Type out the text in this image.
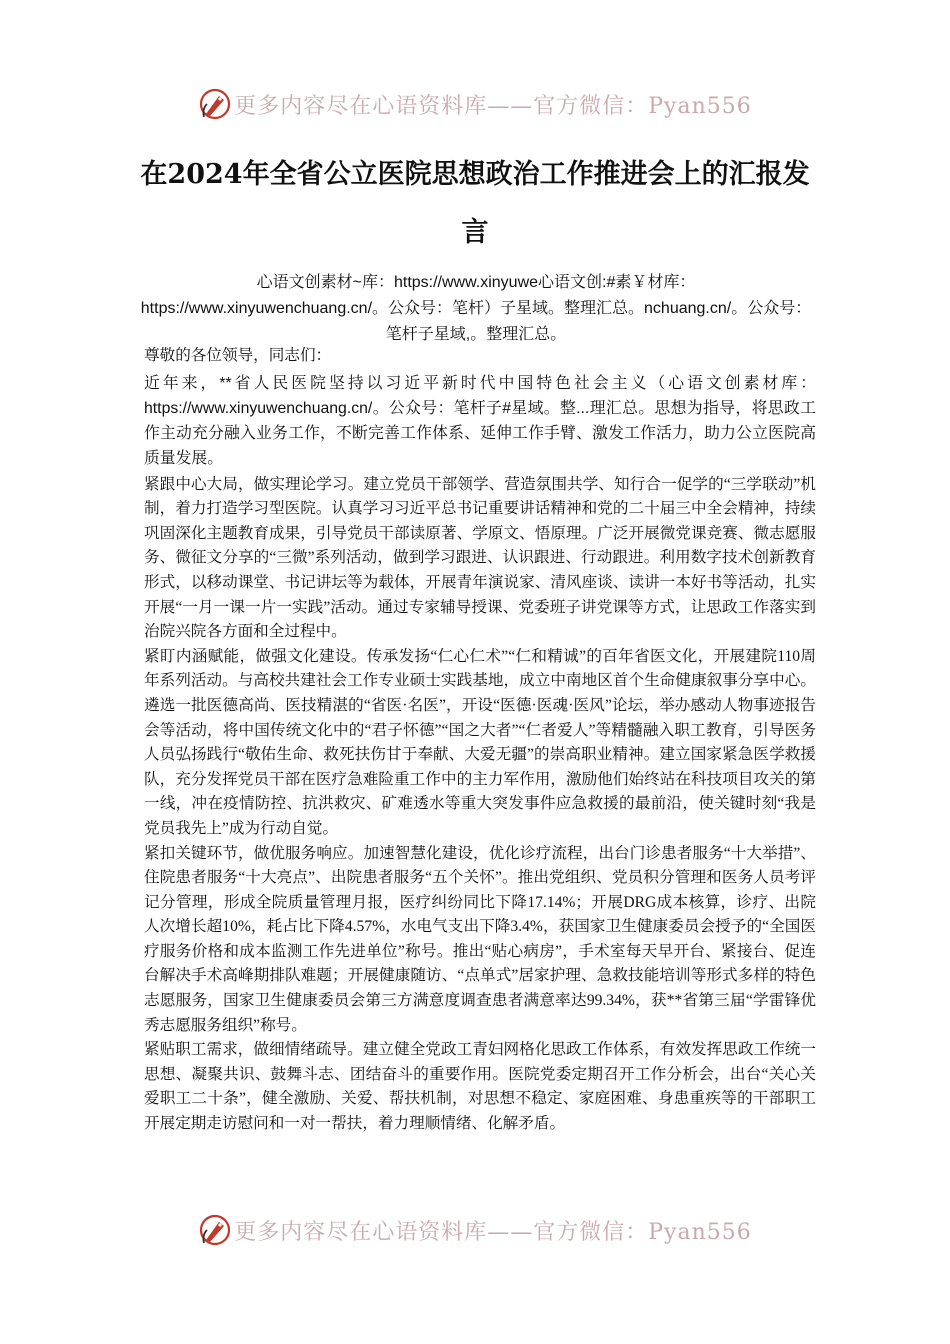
更多内容尽在心语资料库——官方微信：Pyan556
在2024年全省公立医院思想政治工作推进会上的汇报发言
心语文创素材~库：https://www.xinyuwe心语文创:#素￥材库：https://www.xinyuwenchuang.cn/。公众号：笔杆）子星域。整理汇总。nchuang.cn/。公众号：笔杆子星域,。整理汇总。

尊敬的各位领导，同志们：

近年来，**省人民医院坚持以习近平新时代中国特色社会主义（心语文创素材库：https://www.xinyuwenchuang.cn/。公众号：笔杆子#星域。整...理汇总。思想为指导，将思政工作主动充分融入业务工作，不断完善工作体系、延伸工作手臂、激发工作活力，助力公立医院高质量发展。

紧跟中心大局，做实理论学习。建立党员干部领学、营造氛围共学、知行合一促学的“三学联动”机制，着力打造学习型医院。认真学习习近平总书记重要讲话精神和党的二十届三中全会精神，持续巩固深化主题教育成果，引导党员干部读原著、学原文、悟原理。广泛开展微党课竞赛、微志愿服务、微征文分享的“三微”系列活动，做到学习跟进、认识跟进、行动跟进。利用数字技术创新教育形式，以移动课堂、书记讲坛等为载体，开展青年演说家、清风座谈、读讲一本好书等活动，扎实开展“一月一课一片一实践”活动。通过专家辅导授课、党委班子讲党课等方式，让思政工作落实到治院兴院各方面和全过程中。

紧盯内涵赋能，做强文化建设。传承发扬“仁心仁术”“仁和精诚”的百年省医文化，开展建院110周年系列活动。与高校共建社会工作专业硕士实践基地，成立中南地区首个生命健康叙事分享中心。遴选一批医德高尚、医技精湛的“省医·名医”，开设“医德·医魂·医风”论坛，举办感动人物事迹报告会等活动，将中国传统文化中的“君子怀德”“国之大者”“仁者爱人”等精髓融入职工教育，引导医务人员弘扬践行“敬佑生命、救死扶伤甘于奉献、大爱无疆”的崇高职业精神。建立国家紧急医学救援队，充分发挥党员干部在医疗急难险重工作中的主力军作用，激励他们始终站在科技项目攻关的第一线，冲在疫情防控、抗洪救灾、矿难透水等重大突发事件应急救援的最前沿，使关键时刻“我是党员我先上”成为行动自觉。

紧扣关键环节，做优服务响应。加速智慧化建设，优化诊疗流程，出台门诊患者服务“十大举措”、住院患者服务“十大亮点”、出院患者服务“五个关怀”。推出党组织、党员积分管理和医务人员考评记分管理，形成全院质量管理月报，医疗纠纷同比下降17.14%；开展DRG成本核算，诊疗、出院人次增长超10%，耗占比下降4.57%，水电气支出下降3.4%，获国家卫生健康委员会授予的“全国医疗服务价格和成本监测工作先进单位”称号。推出“贴心病房”，手术室每天早开台、紧接台、促连台解决手术高峰期排队难题；开展健康随访、“点单式”居家护理、急救技能培训等形式多样的特色志愿服务，国家卫生健康委员会第三方满意度调查患者满意率达99.34%，获**省第三届“学雷锋优秀志愿服务组织”称号。

紧贴职工需求，做细情绪疏导。建立健全党政工青妇网格化思政工作体系，有效发挥思政工作统一思想、凝聚共识、鼓舞斗志、团结奋斗的重要作用。医院党委定期召开工作分析会，出台“关心关爱职工二十条”，健全激励、关爱、帮扶机制，对思想不稳定、家庭困难、身患重疾等的干部职工开展定期走访慰问和一对一帮扶，着力理顺情绪、化解矛盾。

更多内容尽在心语资料库——官方微信：Pyan556
